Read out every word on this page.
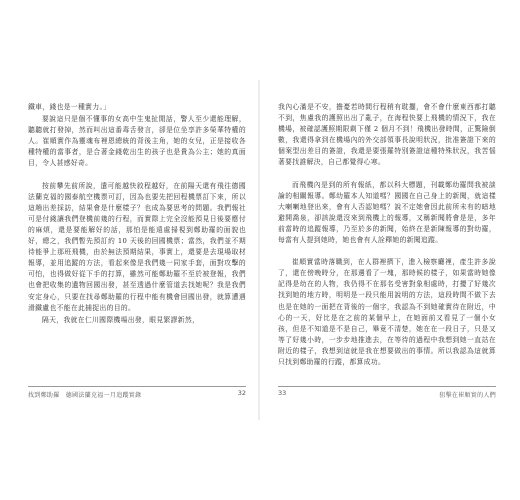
鐵車，錢也是一種實力。」

要說這只是個不懂事的女高中生鬼扯閒話，警人至少還能理解，聽聽就打發掉，然而叫出這番毒舌發言，卻是位坐享許多榮華特權的人。崔順實作為靈魂布裡恩總統的背後主角，她的女兒，正是接收各種特權的當事者，是合著金錢乾出生的孩子也是貴為公主；她的真面目，令人甚感好奇。

按前攀先前所說，遣可能越快敘程越好，在前陽天還有飛往德國法蘭克福的國泰航空機票可訂，因為也要先把回程機票訂下來，所以這趟出差採訪，結果會是什麼樣子？也成為要思考的問題。我們報社可是付錢讓我們登機前幾的行程，而實際上完全沒能預見日後要應付的麻煩，還是要能解好的話，那怕是能遠處掃視到鄭助羅的面貌也好，總之，我們暫先預訂約 10 天後的回國機票；當然，我們並不期待能爭上那班飛機，由於無法預期結果，事實上，還要是去現場取材報導，並用追蹤的方法，看起來像是我們幾一同家手套，面對攻擊的可怕，也得做好從下手的打算，雖然可能鄭助羅不至於被登報，我們也會把收集的遺物回國出發，甚至透過什麼管道去找她呢？我是我們安定身心，只要在找尋鄭助羅的行程中能有機會回國出發，就算遭遇滑鐵盧也不能在此捕捉出的目的。

隔天，我就在仁川國際機場出發，眼見繁謬新然，

找到鄭助羅　德國法蘭克福一月追蹤實錄	32

我內心滿是不安，擔憂若時間行程稍有耽擱，會不會什麼東西都打聽不到，焦慮我的護照出出了亂子，在海程快要上飛機的情況下，我在機場，被確認護照期限剩下僅 2 個月不到！飛機出發時間，正驚險倒數，我還得拿到在機場內的外交部領事長說明狀況，批准簽證下來的個案型出差目的簽證，我還是要張羅特別簽證這種特殊狀況，我苦惱著要找誰解決，自己都覺得心寒。

而飛機內是到的所有報紙，都以科大標題，刊載鄭幼羅問我被談論的相關報導。鄭幼羅本人知道嗎？國國在自己身上的新聞，就這樣大喇喇地登出來，會有人否認她嗎？說不定她會因此前所未有的暗地避開喬泉，卻該說還沒來到飛機上的報導，又稱新聞將會是是，多年前當時的追蹤報導，乃至於多的新聞，始終在是新陳報導的對幼羅，每當有人提到她時，她也會有人詮釋她的新聞追蹤。

崔順實當時落職到，在人群裡擠下，進入檢察廳裡，產生許多說了，還在傍晚時分，在那邊看了一塊，那時候的樣子，如果當時她像記得是幼在的人物，我仍得不在那名受害對象相處時，打擾了好幾次找到她的地方時，明明是一段只能用說明的方法，這段時間不做下去也是在她的一面把在背後的一個字，我認為不到她確實待在附近，中心的一天，好比是在之前的某個早上，在她面前又看見了一個小女孩，但是不知道是不是自己，畢竟不清楚，她在在一段日子，只是又等了好幾小時，一步步地推進去，在等待的過程中我想到她一直站在附近的樣子，我想到這就是我在想要做出的事情。所以我認為這就算只找到鄭助羅的行蹤，都算成功。

33	狙擊在崔順實的人們
